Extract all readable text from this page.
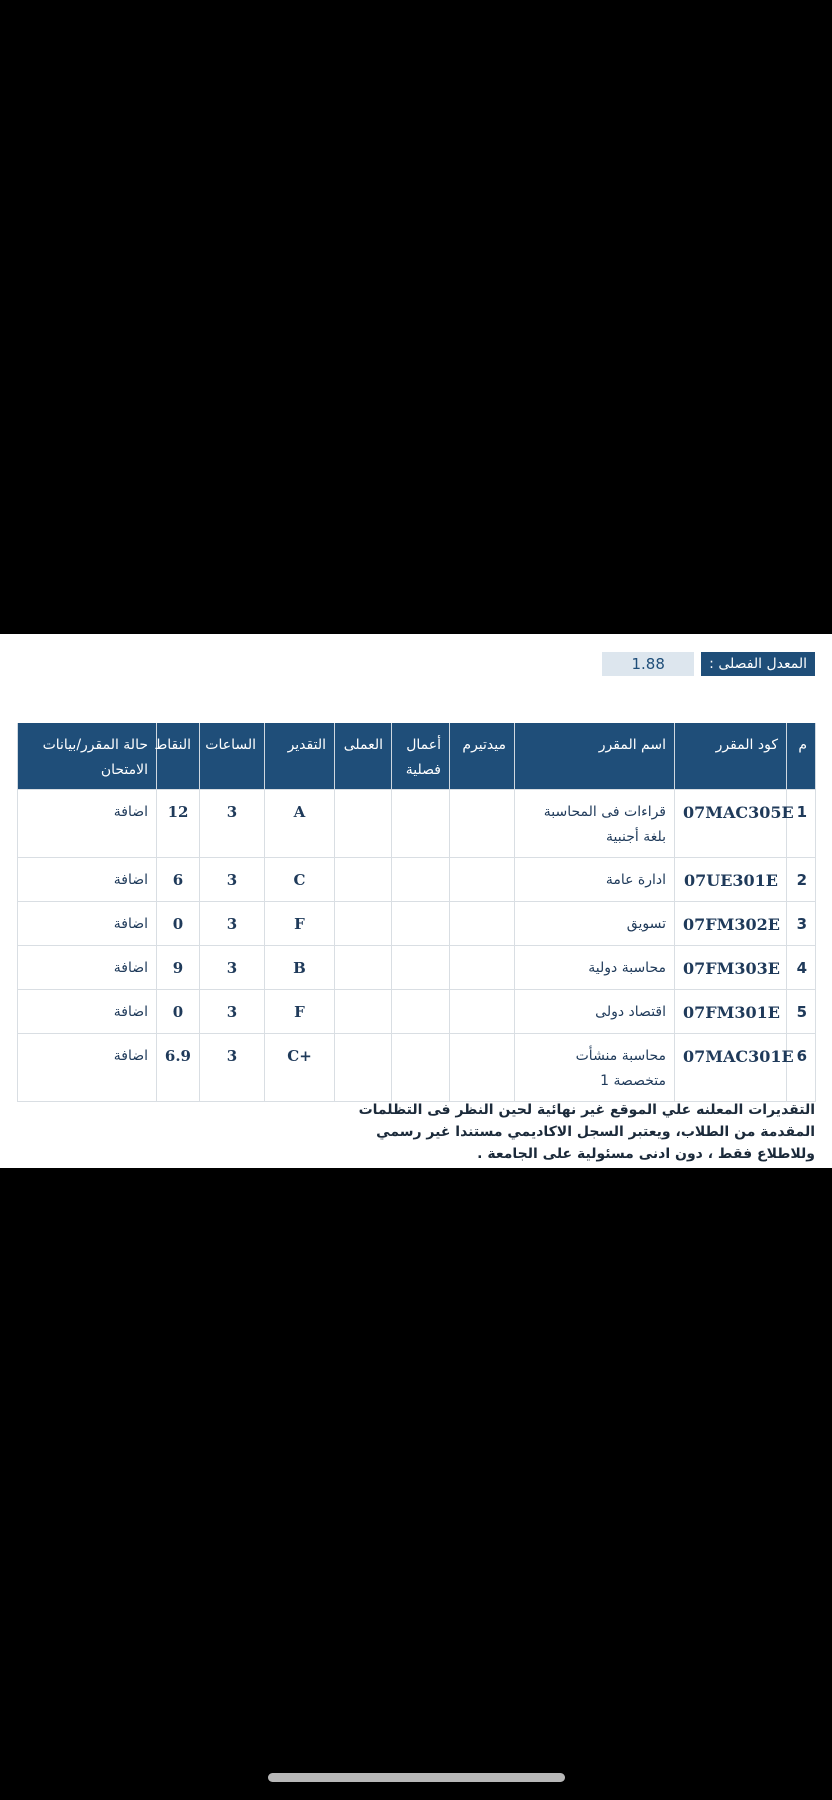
المعدل الفصلى :
1.88
م	كود المقرر	اسم المقرر	ميدتيرم	أعمال فصلية	العملى	التقدير	الساعات	النقاط	حالة المقرر/بيانات الامتحان
1	07MAC305E	قراءات فى المحاسبة بلغة أجنبية				A	3	12	اضافة
2	07UE301E	ادارة عامة				C	3	6	اضافة
3	07FM302E	تسويق				F	3	0	اضافة
4	07FM303E	محاسبة دولية				B	3	9	اضافة
5	07FM301E	اقتصاد دولى				F	3	0	اضافة
6	07MAC301E	محاسبة منشأت متخصصة 1				+C	3	6.9	اضافة
التقديرات المعلنه علي الموقع غير نهائية لحين النظر فى التظلمات المقدمة من الطلاب، ويعتبر السجل الاكاديمي مستندا غير رسمي وللاطلاع فقط ، دون ادنى مسئولية على الجامعة .
